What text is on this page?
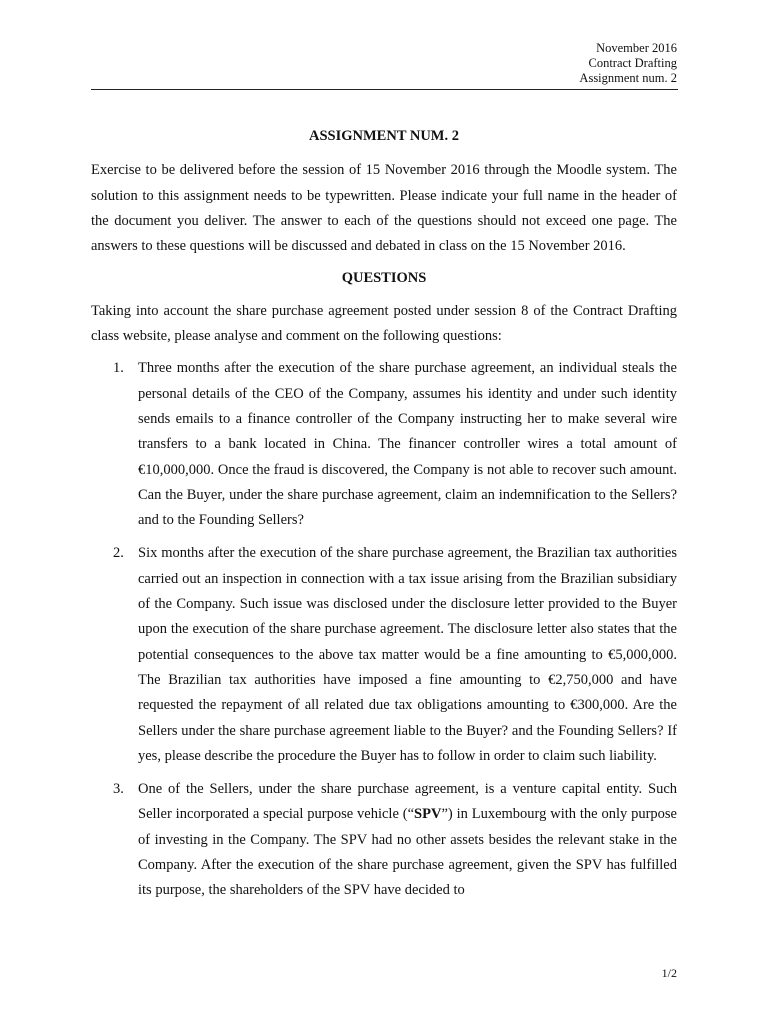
November 2016
Contract Drafting
Assignment num. 2
ASSIGNMENT NUM. 2

Exercise to be delivered before the session of 15 November 2016 through the Moodle system. The solution to this assignment needs to be typewritten. Please indicate your full name in the header of the document you deliver. The answer to each of the questions should not exceed one page. The answers to these questions will be discussed and debated in class on the 15 November 2016.

QUESTIONS

Taking into account the share purchase agreement posted under session 8 of the Contract Drafting class website, please analyse and comment on the following questions:

1. Three months after the execution of the share purchase agreement, an individual steals the personal details of the CEO of the Company, assumes his identity and under such identity sends emails to a finance controller of the Company instructing her to make several wire transfers to a bank located in China. The financer controller wires a total amount of €10,000,000. Once the fraud is discovered, the Company is not able to recover such amount. Can the Buyer, under the share purchase agreement, claim an indemnification to the Sellers? and to the Founding Sellers?
2. Six months after the execution of the share purchase agreement, the Brazilian tax authorities carried out an inspection in connection with a tax issue arising from the Brazilian subsidiary of the Company. Such issue was disclosed under the disclosure letter provided to the Buyer upon the execution of the share purchase agreement. The disclosure letter also states that the potential consequences to the above tax matter would be a fine amounting to €5,000,000. The Brazilian tax authorities have imposed a fine amounting to €2,750,000 and have requested the repayment of all related due tax obligations amounting to €300,000. Are the Sellers under the share purchase agreement liable to the Buyer? and the Founding Sellers? If yes, please describe the procedure the Buyer has to follow in order to claim such liability.
3. One of the Sellers, under the share purchase agreement, is a venture capital entity. Such Seller incorporated a special purpose vehicle (“SPV”) in Luxembourg with the only purpose of investing in the Company. The SPV had no other assets besides the relevant stake in the Company. After the execution of the share purchase agreement, given the SPV has fulfilled its purpose, the shareholders of the SPV have decided to
1/2
